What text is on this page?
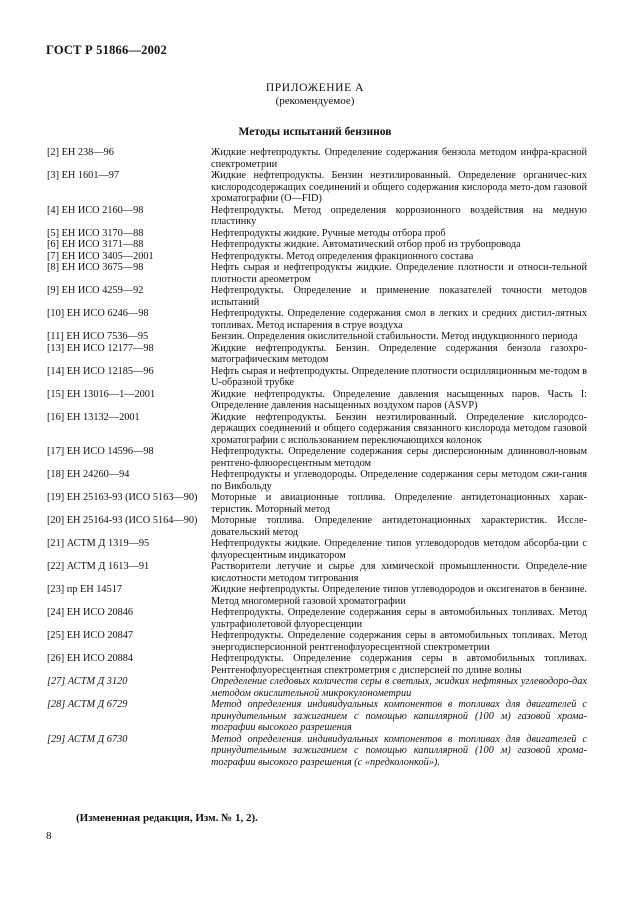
ГОСТ Р 51866—2002
ПРИЛОЖЕНИЕ А
(рекомендуемое)
Методы испытаний бензинов
[2] ЕН 238—96	Жидкие нефтепродукты. Определение содержания бензола методом инфра-красной спектрометрии
[3] ЕН 1601—97	Жидкие нефтепродукты. Бензин неэтилированный. Определение органичес-ких кислородсодержащих соединений и общего содержания кислорода мето-дом газовой хроматографии (O—FID)
[4] ЕН ИСО 2160—98	Нефтепродукты. Метод определения коррозионного воздействия на медную пластинку
[5] ЕН ИСО 3170—88	Нефтепродукты жидкие. Ручные методы отбора проб
[6] ЕН ИСО 3171—88	Нефтепродукты жидкие. Автоматический отбор проб из трубопровода
[7] ЕН ИСО 3405—2001	Нефтепродукты. Метод определения фракционного состава
[8] ЕН ИСО 3675—98	Нефть сырая и нефтепродукты жидкие. Определение плотности и относи-тельной плотности ареометром
[9] ЕН ИСО 4259—92	Нефтепродукты. Определение и применение показателей точности методов испытаний
[10] ЕН ИСО 6246—98	Нефтепродукты. Определение содержания смол в легких и средних дистил-лятных топливах. Метод испарения в струе воздуха
[11] ЕН ИСО 7536—95	Бензин. Определения окислительной стабильности. Метод индукционного периода
[13] ЕН ИСО 12177—98	Жидкие нефтепродукты. Бензин. Определение содержания бензола газохро-матографическим методом
[14] ЕН ИСО 12185—96	Нефть сырая и нефтепродукты. Определение плотности осцилляционным ме-тодом в U-образной трубке
[15] ЕН 13016—1—2001	Жидкие нефтепродукты. Определение давления насыщенных паров. Часть I: Определение давления насыщенных воздухом паров (ASVP)
[16] ЕН 13132—2001	Жидкие нефтепродукты. Бензин неэтилированный. Определение кислородсо-держащих соединений и общего содержания связанного кислорода методом газовой хроматографии с использованием переключающихся колонок
[17] ЕН ИСО 14596—98	Нефтепродукты. Определение содержания серы дисперсионным длинновол-новым рентгено-флюоресцентным методом
[18] ЕН 24260—94	Нефтепродукты и углеводороды. Определение содержания серы методом сжи-гания по Викбольду
[19] ЕН 25163-93 (ИСО 5163—90)	Моторные и авиационные топлива. Определение антидетонационных харак-теристик. Моторный метод
[20] ЕН 25164-93 (ИСО 5164—90)	Моторные топлива. Определение антидетонационных характеристик. Иссле-довательский метод
[21] АСТМ Д 1319—95	Нефтепродукты жидкие. Определение типов углеводородов методом абсорба-ции с флуоресцентным индикатором
[22] АСТМ Д 1613—91	Растворители летучие и сырье для химической промышленности. Определе-ние кислотности методом титрования
[23] пр ЕН 14517	Жидкие нефтепродукты. Определение типов углеводородов и оксигенатов в бензине. Метод многомерной газовой хроматографии
[24] ЕН ИСО 20846	Нефтепродукты. Определение содержания серы в автомобильных топливах. Метод ультрафиолетовой флуоресценции
[25] ЕН ИСО 20847	Нефтепродукты. Определение содержания серы в автомобильных топливах. Метод энергодисперсионной рентгенофлуоресцентной спектрометрии
[26] ЕН ИСО 20884	Нефтепродукты. Определение содержания серы в автомобильных топливах. Рентгенофлуоресцентная спектрометрия с дисперсией по длине волны
[27] АСТМ Д 3120	Определение следовых количеств серы в светлых, жидких нефтяных углеводоро-дах методом окислительной микрокулонометрии
[28] АСТМ Д 6729	Метод определения индивидуальных компонентов в топливах для двигателей с принудительным зажиганием с помощью капиллярной (100 м) газовой хрома-тографии высокого разрешения
[29] АСТМ Д 6730	Метод определения индивидуальных компонентов в топливах для двигателей с принудительным зажиганием с помощью капиллярной (100 м) газовой хрома-тографии высокого разрешения (с «предколонкой»).
(Измененная редакция, Изм. № 1, 2).
8
